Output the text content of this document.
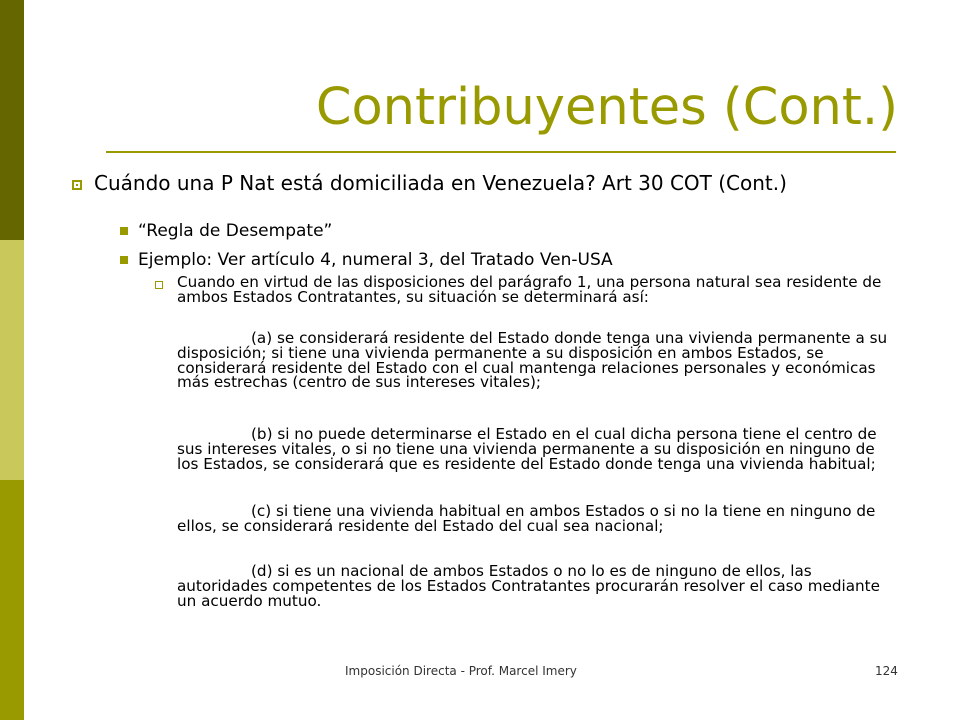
Contribuyentes (Cont.)
Cuándo una P Nat está domiciliada en Venezuela? Art 30 COT (Cont.)
“Regla de Desempate”
Ejemplo: Ver artículo 4, numeral 3, del Tratado Ven-USA
Cuando en virtud de las disposiciones del parágrafo 1, una persona natural sea residente de ambos Estados Contratantes, su situación se determinará así:
(a) se considerará residente del Estado donde tenga una vivienda permanente a su disposición; si tiene una vivienda permanente a su disposición en ambos Estados, se considerará residente del Estado con el cual mantenga relaciones personales y económicas más estrechas (centro de sus intereses vitales);
(b) si no puede determinarse el Estado en el cual dicha persona tiene el centro de sus intereses vitales, o si no tiene una vivienda permanente a su disposición en ninguno de los Estados, se considerará que es residente del Estado donde tenga una vivienda habitual;
(c) si tiene una vivienda habitual en ambos Estados o si no la tiene en ninguno de ellos, se considerará residente del Estado del cual sea nacional;
(d) si es un nacional de ambos Estados o no lo es de ninguno de ellos, las autoridades competentes de los Estados Contratantes procurarán resolver el caso mediante un acuerdo mutuo.
Imposición Directa - Prof. Marcel Imery	124
